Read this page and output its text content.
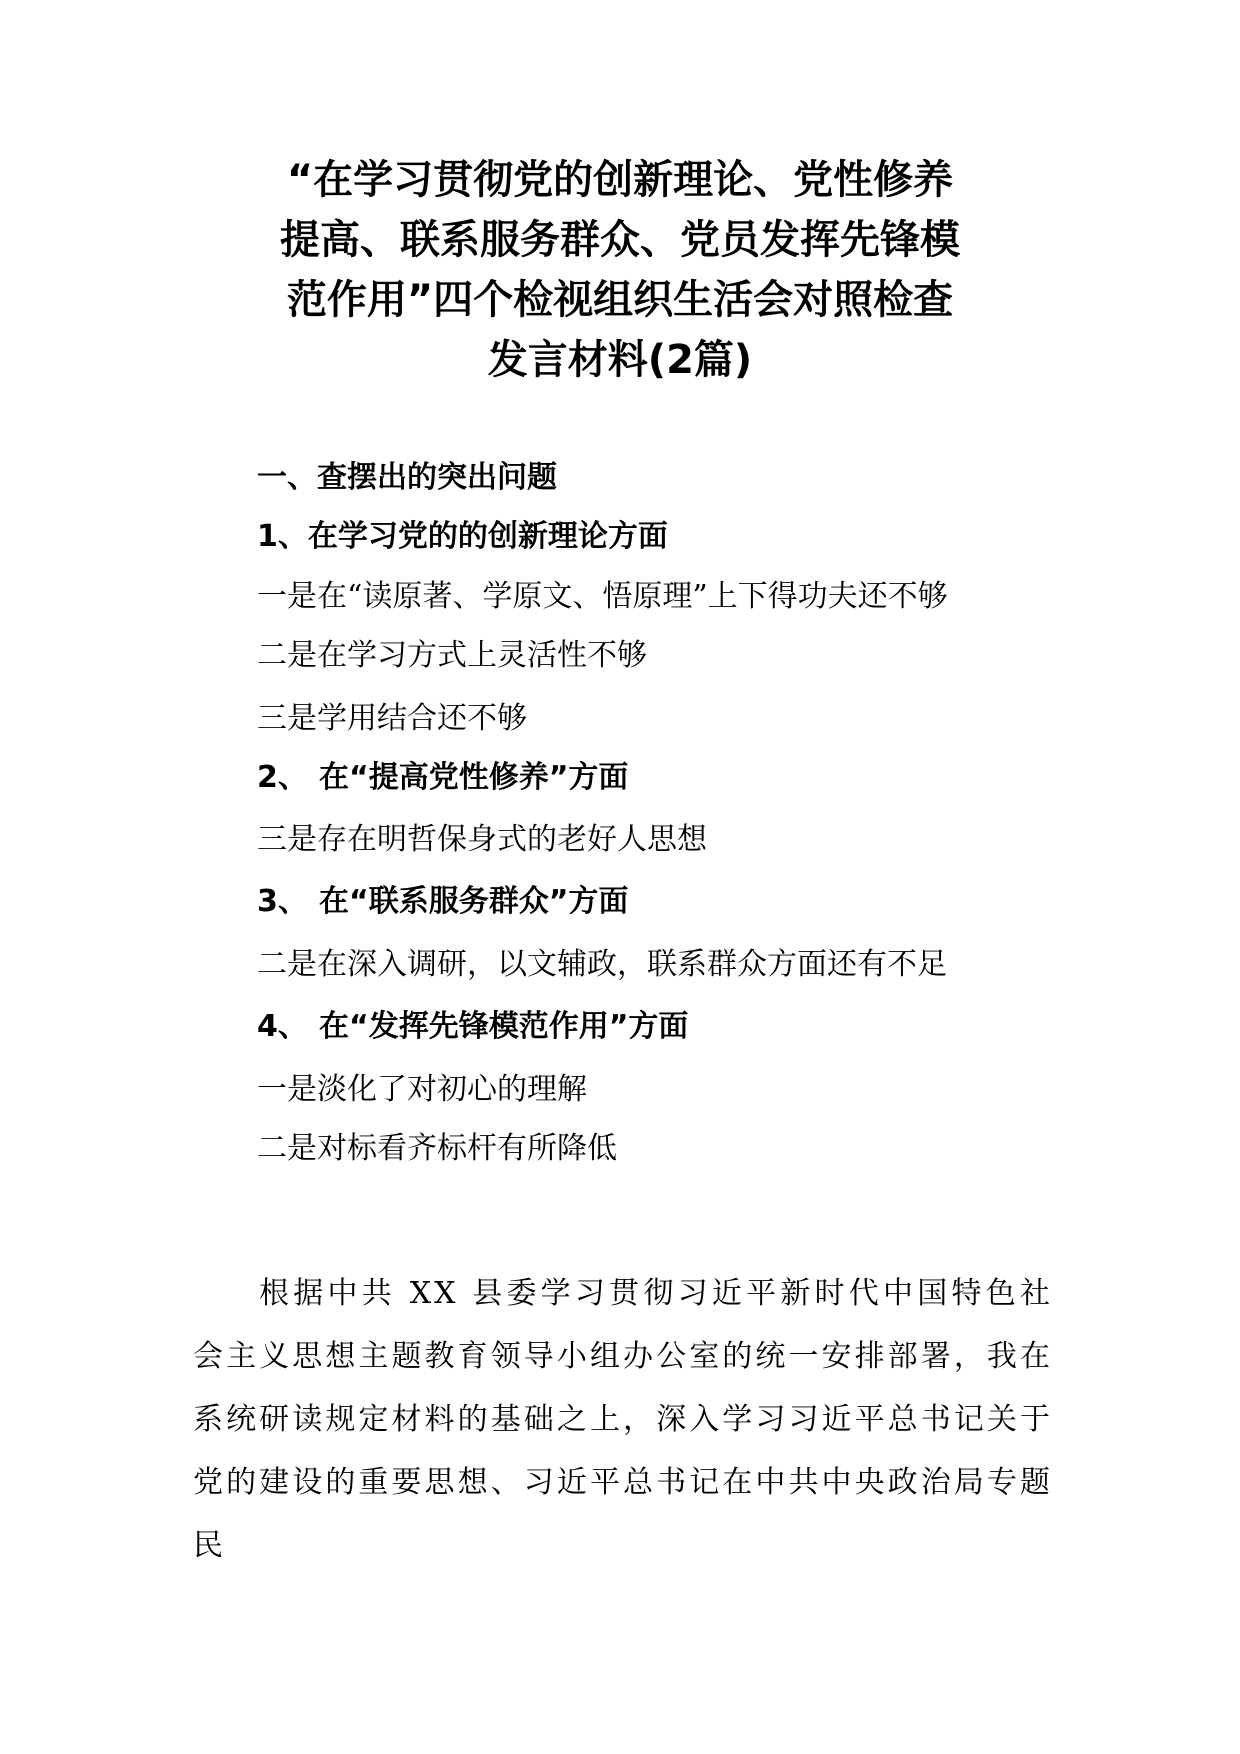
“在学习贯彻党的创新理论、党性修养
提高、联系服务群众、党员发挥先锋模
范作用”四个检视组织生活会对照检查
发言材料(2篇)
一、查摆出的突出问题
1、在学习党的的创新理论方面
一是在“读原著、学原文、悟原理”上下得功夫还不够
二是在学习方式上灵活性不够
三是学用结合还不够
2、 在“提高党性修养”方面
三是存在明哲保身式的老好人思想
3、 在“联系服务群众”方面
二是在深入调研，以文辅政，联系群众方面还有不足
4、 在“发挥先锋模范作用”方面
一是淡化了对初心的理解
二是对标看齐标杆有所降低

根据中共 XX 县委学习贯彻习近平新时代中国特色社会主义思想主题教育领导小组办公室的统一安排部署，我在系统研读规定材料的基础之上，深入学习习近平总书记关于党的建设的重要思想、习近平总书记在中共中央政治局专题民
